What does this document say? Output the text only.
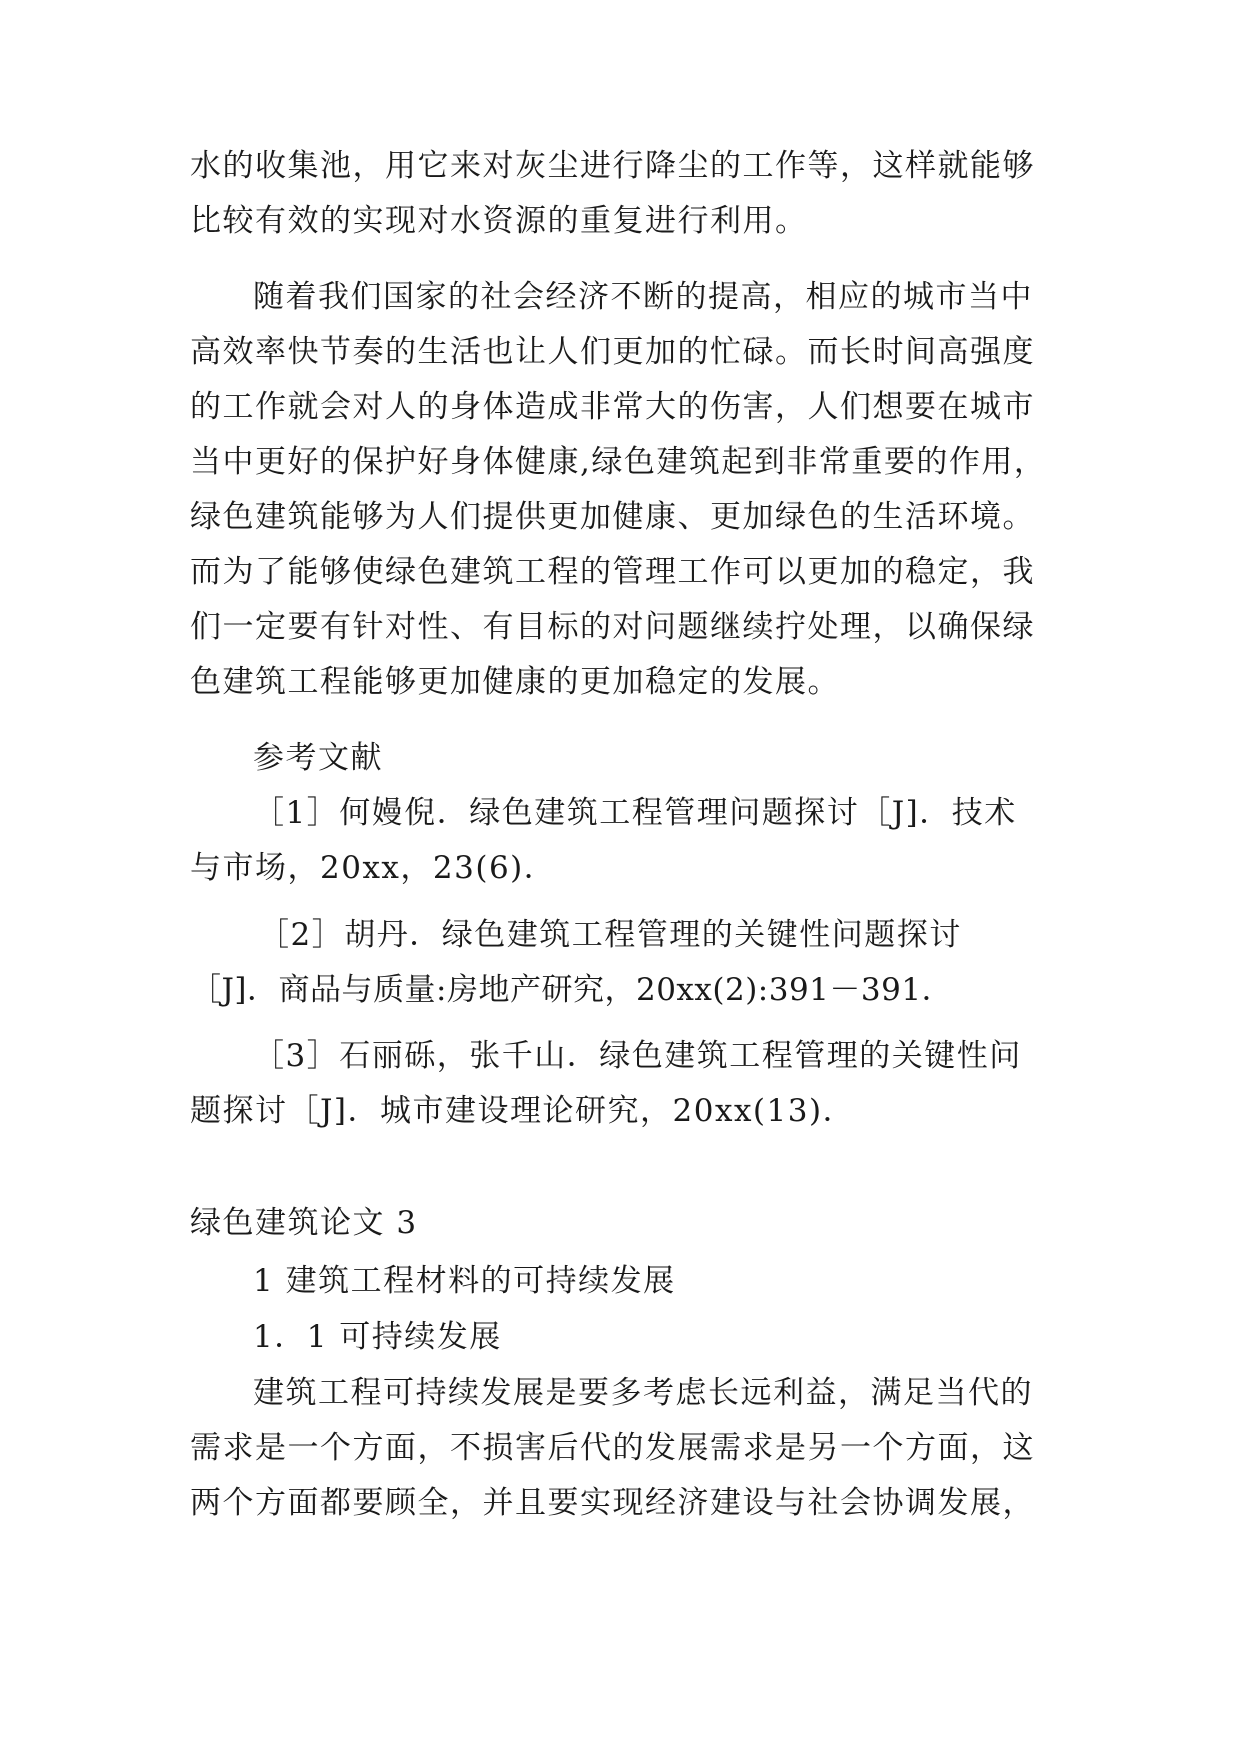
水的收集池，用它来对灰尘进行降尘的工作等，这样就能够
比较有效的实现对水资源的重复进行利用。
随着我们国家的社会经济不断的提高，相应的城市当中
高效率快节奏的生活也让人们更加的忙碌。而长时间高强度
的工作就会对人的身体造成非常大的伤害，人们想要在城市
当中更好的保护好身体健康,绿色建筑起到非常重要的作用，
绿色建筑能够为人们提供更加健康、更加绿色的生活环境。
而为了能够使绿色建筑工程的管理工作可以更加的稳定，我
们一定要有针对性、有目标的对问题继续拧处理，以确保绿
色建筑工程能够更加健康的更加稳定的发展。
参考文献
［1］何嫚倪．绿色建筑工程管理问题探讨［J]．技术
与市场，20xx，23(6)．
［2］胡丹．绿色建筑工程管理的关键性问题探讨
［J]．商品与质量:房地产研究，20xx(2):391－391．
［3］石丽砾，张千山．绿色建筑工程管理的关键性问
题探讨［J]．城市建设理论研究，20xx(13)．
绿色建筑论文 3
1 建筑工程材料的可持续发展
1．1 可持续发展
建筑工程可持续发展是要多考虑长远利益，满足当代的
需求是一个方面，不损害后代的发展需求是另一个方面，这
两个方面都要顾全，并且要实现经济建设与社会协调发展，
